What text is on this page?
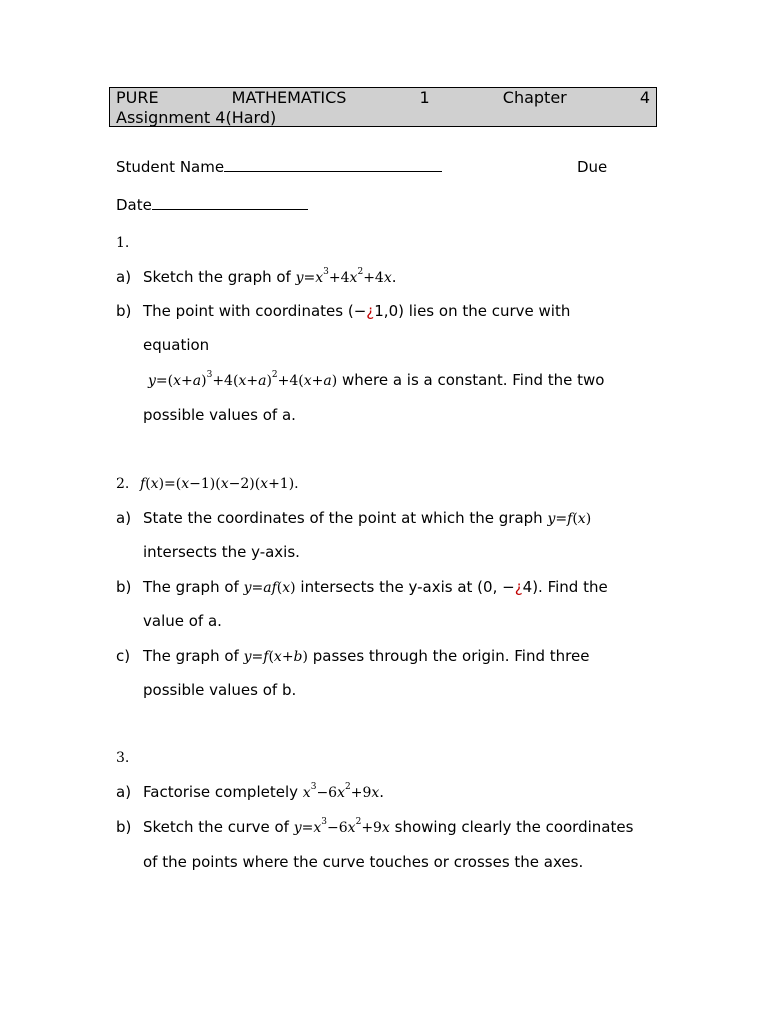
PURE	MATHEMATICS	1	Chapter	4
Assignment 4(Hard)
Student Name	Due
Date
1.
a) Sketch the graph of $y=x^3+4x^2+4x$.
b) The point with coordinates (−¿1,0) lies on the curve with
equation
$y=(x+a)^3+4(x+a)^2+4(x+a)$ where a is a constant. Find the two
possible values of a.
2. f(x)=(x−1)(x−2)(x+1).
a) State the coordinates of the point at which the graph y=f(x)
intersects the y-axis.
b) The graph of y=af(x) intersects the y-axis at (0, −¿4). Find the
value of a.
c) The graph of y=f(x+b) passes through the origin. Find three
possible values of b.
3.
a) Factorise completely $x^3-6x^2+9x$.
b) Sketch the curve of $y=x^3-6x^2+9x$ showing clearly the coordinates
of the points where the curve touches or crosses the axes.
